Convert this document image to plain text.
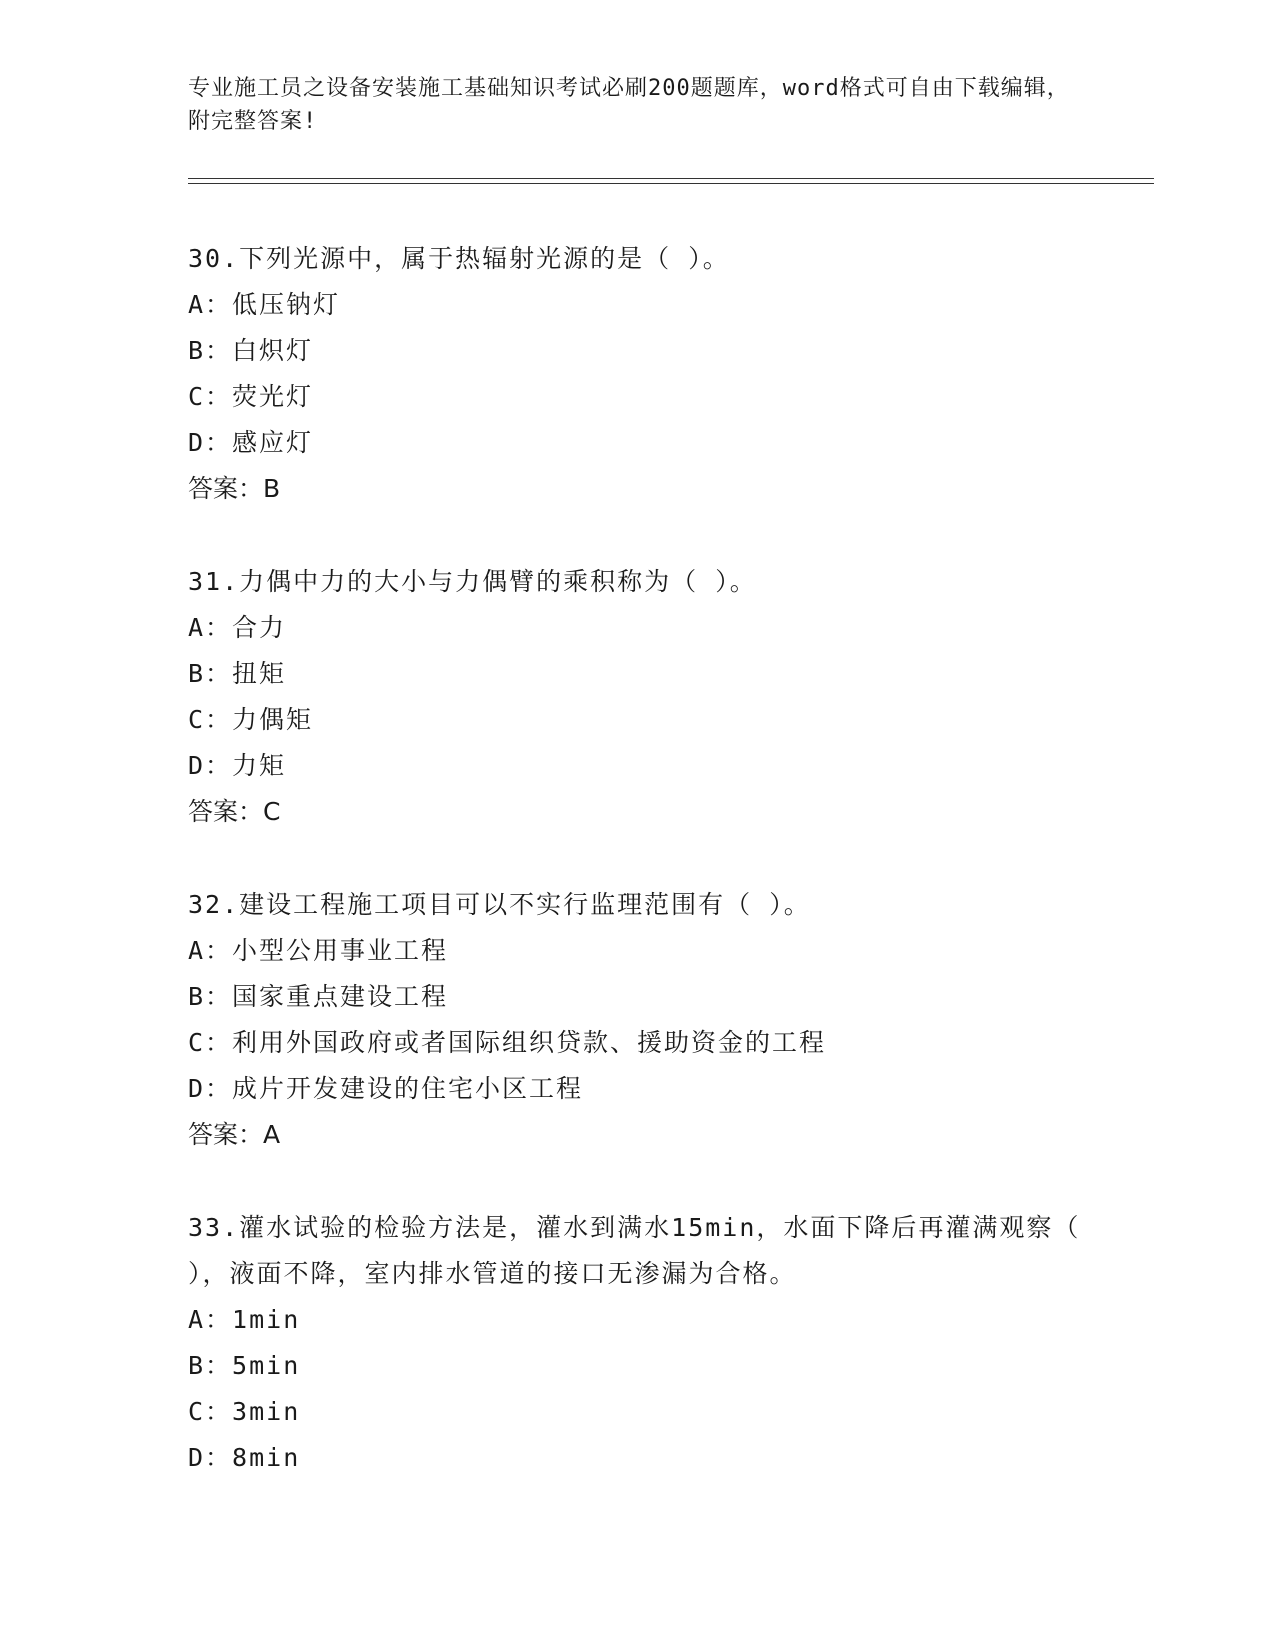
专业施工员之设备安装施工基础知识考试必刷200题题库，word格式可自由下载编辑，附完整答案!
30.下列光源中，属于热辐射光源的是（ ）。
A：低压钠灯
B：白炽灯
C：荧光灯
D：感应灯
答案：B
31.力偶中力的大小与力偶臂的乘积称为（ ）。
A：合力
B：扭矩
C：力偶矩
D：力矩
答案：C
32.建设工程施工项目可以不实行监理范围有（ ）。
A：小型公用事业工程
B：国家重点建设工程
C：利用外国政府或者国际组织贷款、援助资金的工程
D：成片开发建设的住宅小区工程
答案：A
33.灌水试验的检验方法是，灌水到满水15min，水面下降后再灌满观察（ ），液面不降，室内排水管道的接口无渗漏为合格。
A：1min
B：5min
C：3min
D：8min
